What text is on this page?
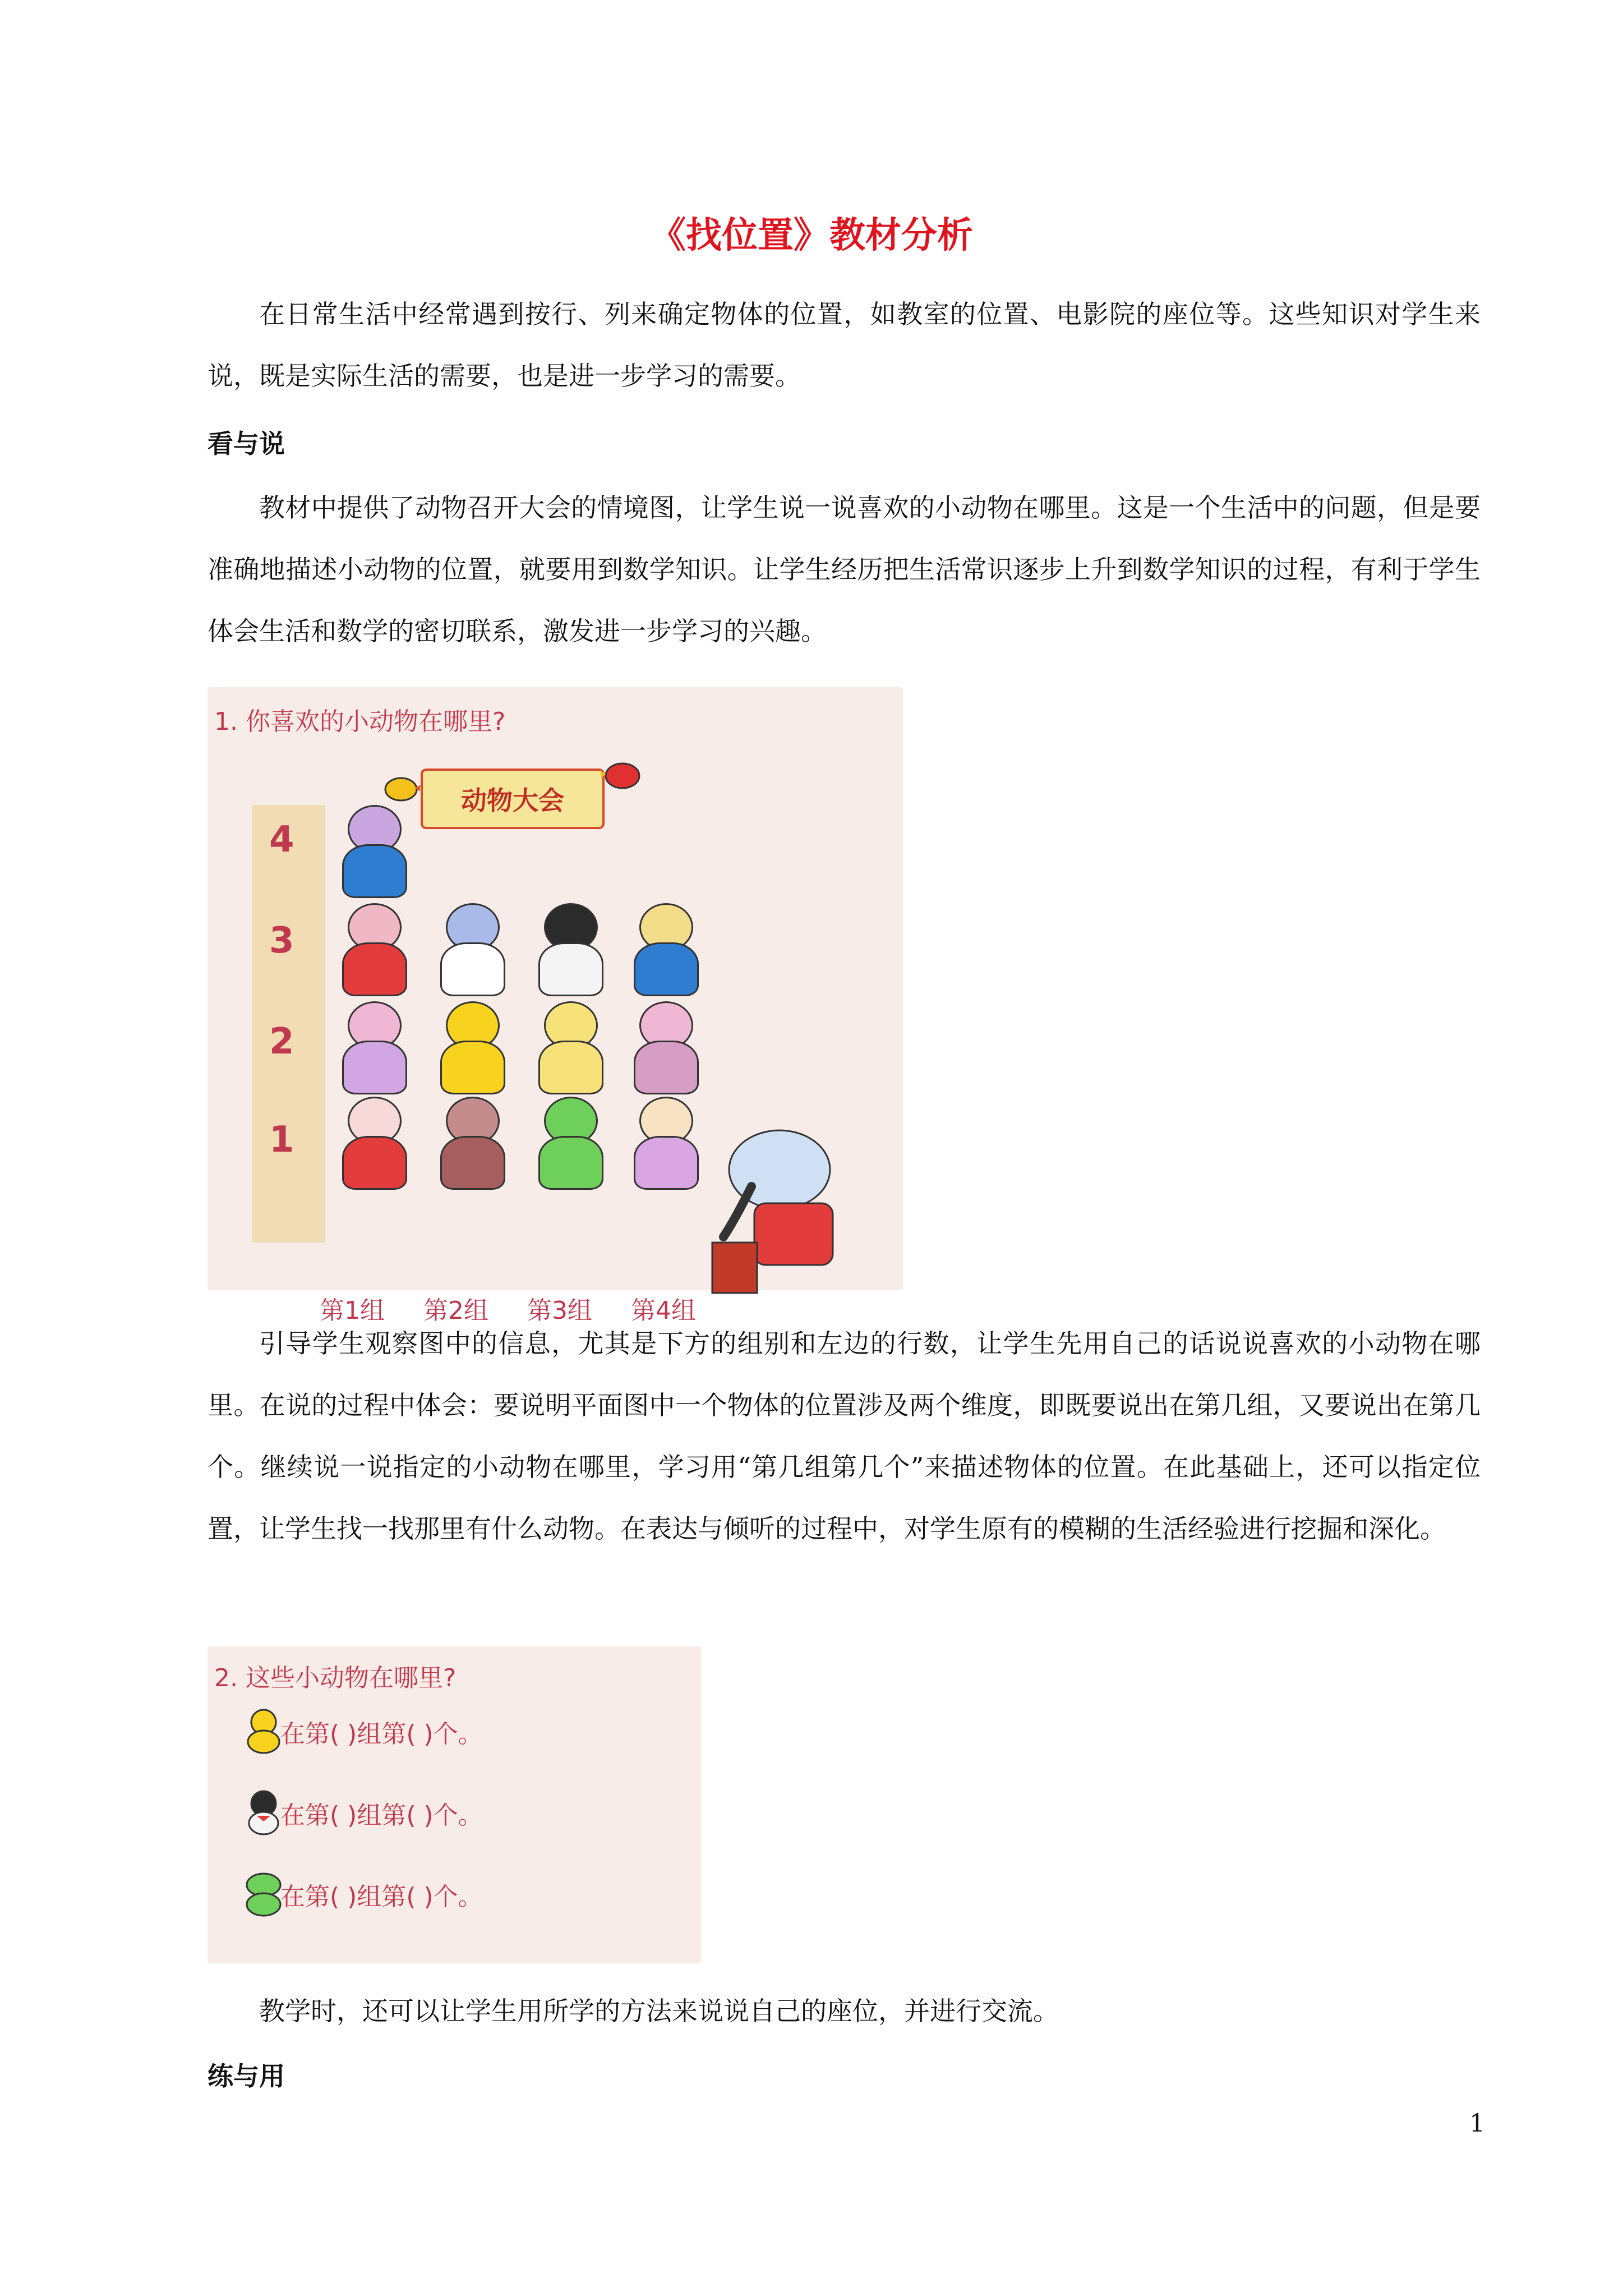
《找位置》教材分析

在日常生活中经常遇到按行、列来确定物体的位置，如教室的位置、电影院的座位等。这些知识对学生来说，既是实际生活的需要，也是进一步学习的需要。

看与说

教材中提供了动物召开大会的情境图，让学生说一说喜欢的小动物在哪里。这是一个生活中的问题，但是要准确地描述小动物的位置，就要用到数学知识。让学生经历把生活常识逐步上升到数学知识的过程，有利于学生体会生活和数学的密切联系，激发进一步学习的兴趣。

1. 你喜欢的小动物在哪里?
4
3
2
1
动物大会
第1组 第2组 第3组 第4组

引导学生观察图中的信息，尤其是下方的组别和左边的行数，让学生先用自己的话说说喜欢的小动物在哪里。在说的过程中体会：要说明平面图中一个物体的位置涉及两个维度，即既要说出在第几组，又要说出在第几个。继续说一说指定的小动物在哪里，学习用“第几组第几个”来描述物体的位置。在此基础上，还可以指定位置，让学生找一找那里有什么动物。在表达与倾听的过程中，对学生原有的模糊的生活经验进行挖掘和深化。

2. 这些小动物在哪里?
在第( )组第( )个。
在第( )组第( )个。
在第( )组第( )个。

教学时，还可以让学生用所学的方法来说说自己的座位，并进行交流。

练与用
1
